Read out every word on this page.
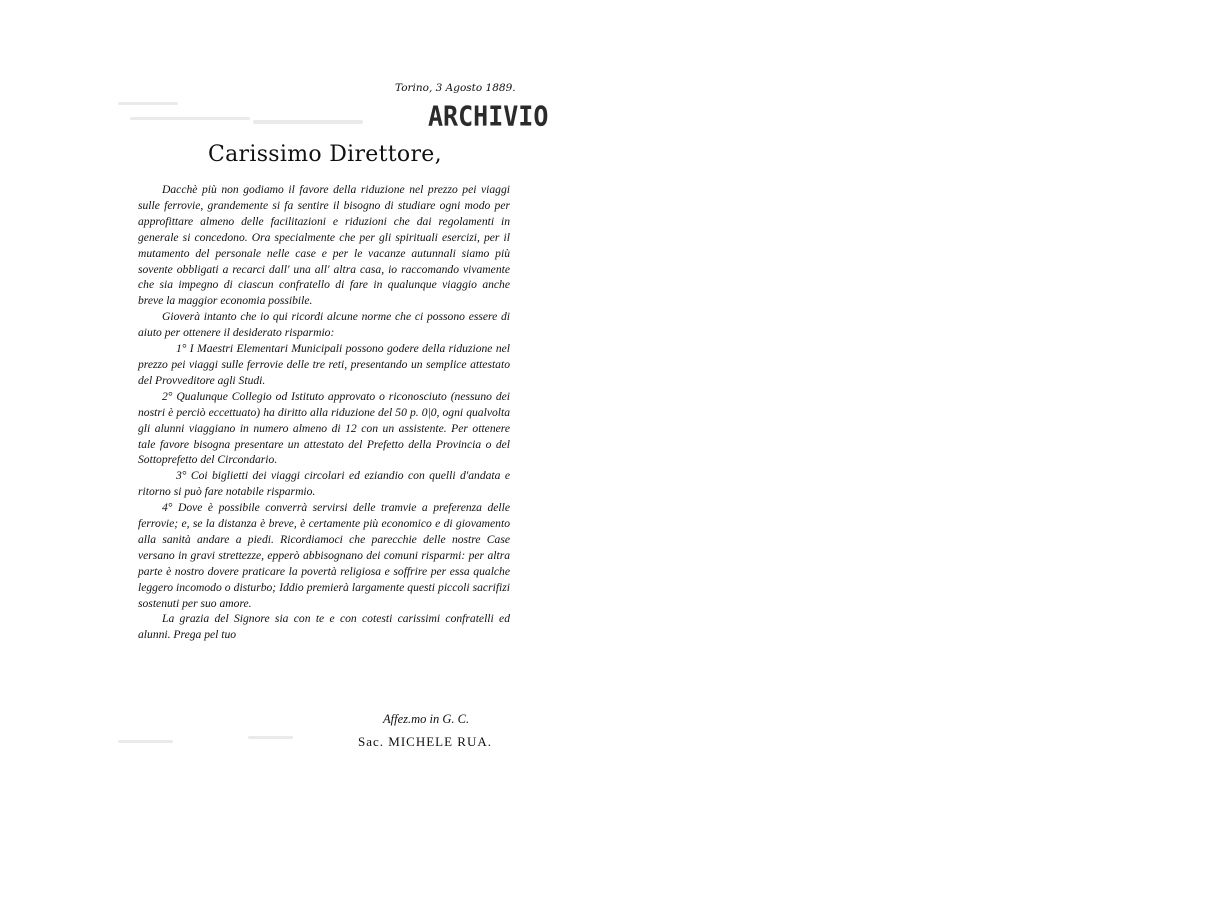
Torino, 3 Agosto 1889.
ARCHIVIO
Carissimo Direttore,

Dacchè più non godiamo il favore della riduzione nel prezzo pei viaggi sulle ferrovie, grandemente si fa sentire il bisogno di studiare ogni modo per approfittare almeno delle facilitazioni e riduzioni che dai regolamenti in generale si concedono. Ora specialmente che per gli spirituali esercizi, per il mutamento del personale nelle case e per le vacanze autunnali siamo più sovente obbligati a recarci dall' una all' altra casa, io raccomando vivamente che sia impegno di ciascun confratello di fare in qualunque viaggio anche breve la maggior economia possibile.

Gioverà intanto che io qui ricordi alcune norme che ci possono essere di aiuto per ottenere il desiderato risparmio:

1° I Maestri Elementari Municipali possono godere della riduzione nel prezzo pei viaggi sulle ferrovie delle tre reti, presentando un semplice attestato del Provveditore agli Studi.

2° Qualunque Collegio od Istituto approvato o riconosciuto (nessuno dei nostri è perciò eccettuato) ha diritto alla riduzione del 50 p. 0|0, ogni qualvolta gli alunni viaggiano in numero almeno di 12 con un assistente. Per ottenere tale favore bisogna presentare un attestato del Prefetto della Provincia o del Sottoprefetto del Circondario.

3° Coi biglietti dei viaggi circolari ed eziandio con quelli d'andata e ritorno si può fare notabile risparmio.

4° Dove è possibile converrà servirsi delle tramvie a preferenza delle ferrovie; e, se la distanza è breve, è certamente più economico e di giovamento alla sanità andare a piedi. Ricordiamoci che parecchie delle nostre Case versano in gravi strettezze, epperò abbisognano dei comuni risparmi: per altra parte è nostro dovere praticare la povertà religiosa e soffrire per essa qualche leggero incomodo o disturbo; Iddio premierà largamente questi piccoli sacrifizi sostenuti per suo amore.

La grazia del Signore sia con te e con cotesti carissimi confratelli ed alunni. Prega pel tuo

Affez.mo in G. C.
Sac. MICHELE RUA.
